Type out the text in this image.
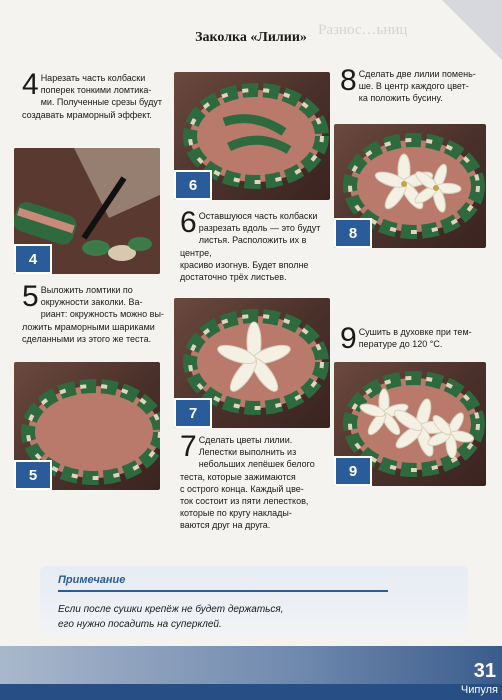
Разнос…ьниц
Заколка «Лилии»
4 Нарезать часть колбаски
поперек тонкими ломтика-
ми. Полученные срезы будут
создавать мраморный эффект.
4
5 Выложить ломтики по
окружности заколки. Ва-
риант: окружность можно вы-
ложить мраморными шариками
сделанными из этого же теста.
5
6
6 Оставшуюся часть колбаски
разрезать вдоль — это будут
листья. Расположить их в центре,
красиво изогнув. Будет вполне
достаточно трёх листьев.
7
7 Сделать цветы лилии.
Лепестки выполнить из
небольших лепёшек белого
теста, которые зажимаются
с острого конца. Каждый цве-
ток состоит из пяти лепестков,
которые по кругу наклады-
ваются друг на друга.
8 Сделать две лилии помень-
ше. В центр каждого цвет-
ка положить бусину.
8
9 Сушить в духовке при тем-
пературе до 120 °С.
9
Примечание
Если после сушки крепёж не будет держаться,
его нужно посадить на суперклей.
31
Чипуля
